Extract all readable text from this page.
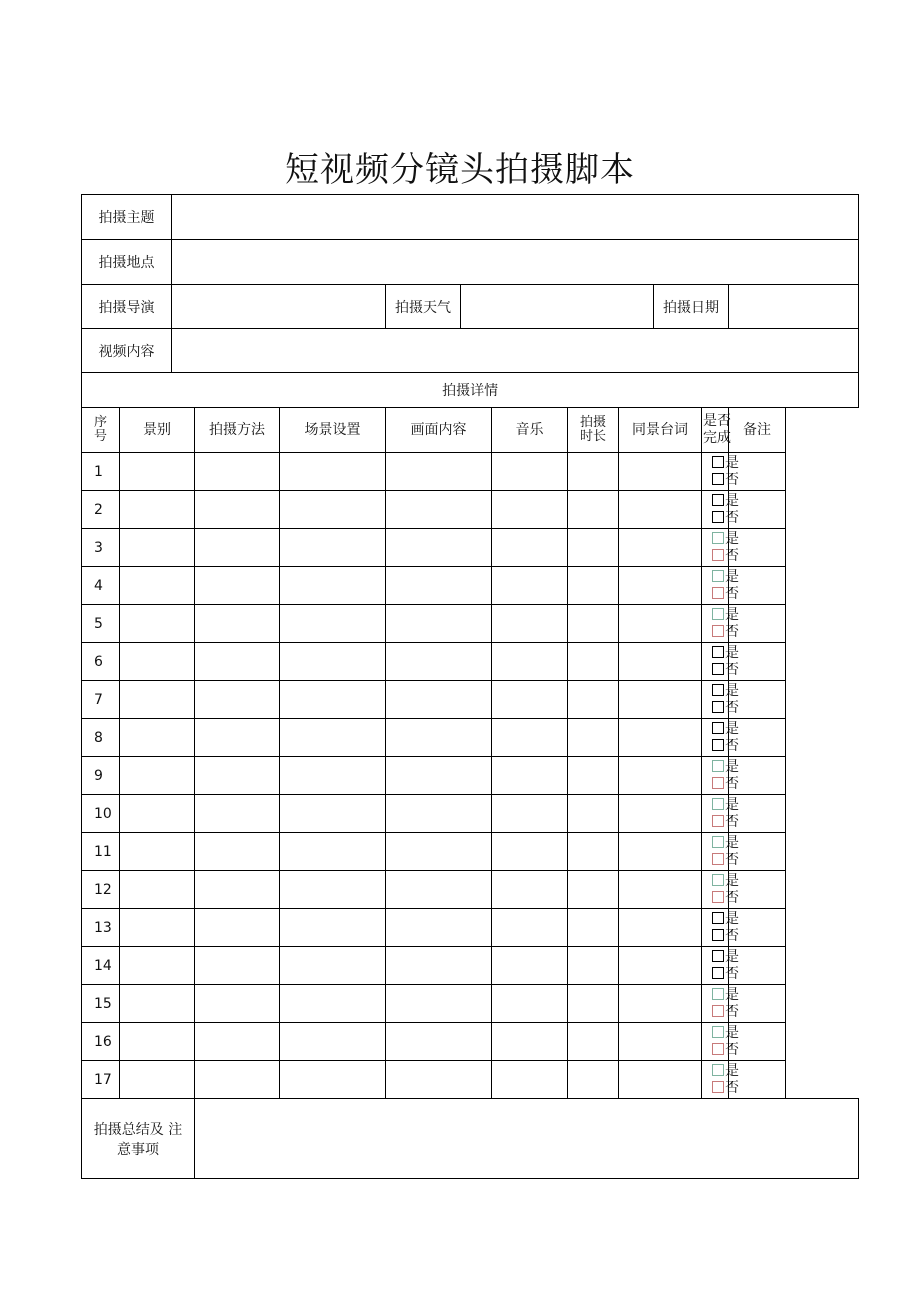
短视频分镜头拍摄脚本
拍摄主题												
拍摄地点												
拍摄导演					拍摄天气					拍摄日期		
视频内容												
拍摄详情												
序号	景别		拍摄方法	场景设置	画面内容		音乐	拍摄时长	同景台词		是否完成	备注
1											是
否	

2											是
否	

3											是
否	

4											是
否	

5											是
否	

6											是
否	

7											是
否	

8											是
否	

9											是
否	

10											是
否	

11											是
否	

12											是
否	

13											是
否	

14											是
否	

15											是
否	

16											是
否	

17											是
否	

拍摄总结及 注
意事项												
